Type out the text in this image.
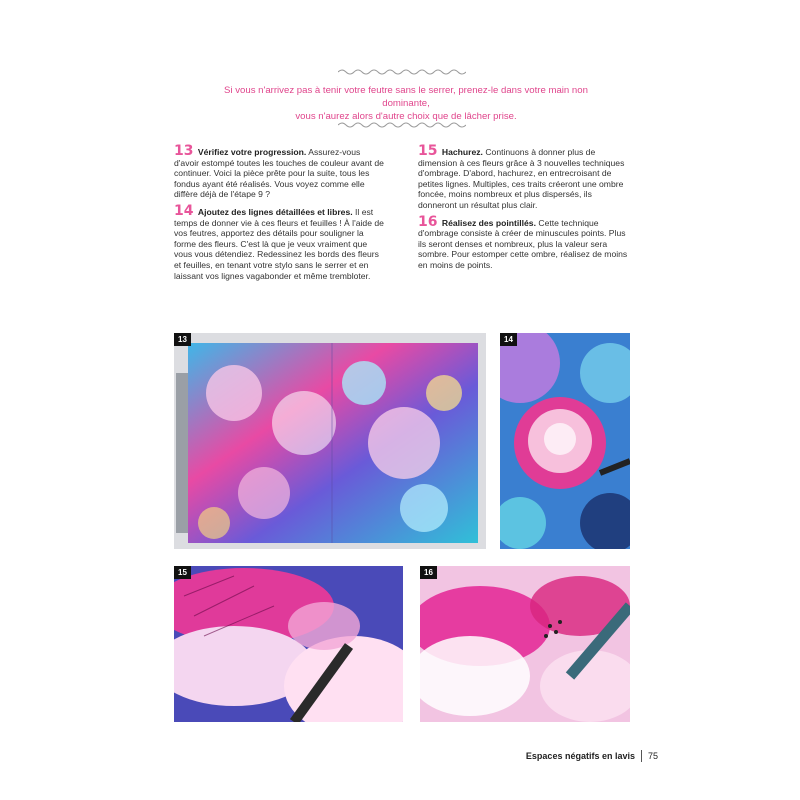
Si vous n'arrivez pas à tenir votre feutre sans le serrer, prenez-le dans votre main non dominante,
vous n'aurez alors d'autre choix que de lâcher prise.

13 Vérifiez votre progression. Assurez-vous d'avoir estompé toutes les touches de couleur avant de continuer. Voici la pièce prête pour la suite, tous les fondus ayant été réalisés. Vous voyez comme elle diffère déjà de l'étape 9 ?

14 Ajoutez des lignes détaillées et libres. Il est temps de donner vie à ces fleurs et feuilles ! À l'aide de vos feutres, apportez des détails pour souligner la forme des fleurs. C'est là que je veux vraiment que vous vous détendiez. Redessinez les bords des fleurs et feuilles, en tenant votre stylo sans le serrer et en laissant vos lignes vagabonder et même trembloter.

15 Hachurez. Continuons à donner plus de dimension à ces fleurs grâce à 3 nouvelles techniques d'ombrage. D'abord, hachurez, en entrecroisant de petites lignes. Multiples, ces traits créeront une ombre foncée, moins nombreux et plus dispersés, ils donneront un résultat plus clair.

16 Réalisez des pointillés. Cette technique d'ombrage consiste à créer de minuscules points. Plus ils seront denses et nombreux, plus la valeur sera sombre. Pour estomper cette ombre, réalisez de moins en moins de points.

13	14
15	16
Espaces négatifs en lavis 75
